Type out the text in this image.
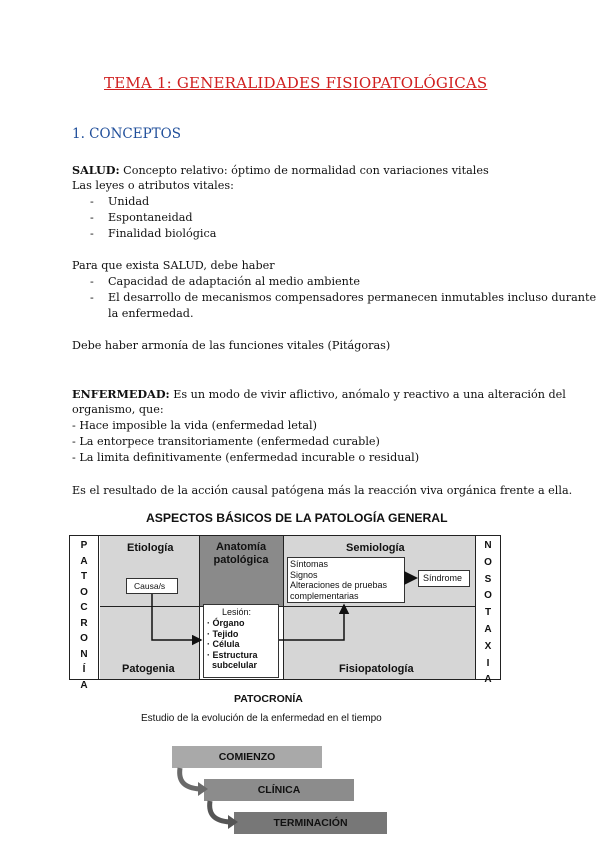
TEMA 1: GENERALIDADES FISIOPATOLÓGICAS
1. CONCEPTOS
SALUD: Concepto relativo: óptimo de normalidad con variaciones vitales
Las leyes o atributos vitales:
- Unidad
- Espontaneidad
- Finalidad biológica
Para que exista SALUD, debe haber
- Capacidad de adaptación al medio ambiente
- El desarrollo de mecanismos compensadores permanecen inmutables incluso durante
la enfermedad.
Debe haber armonía de las funciones vitales (Pitágoras)
ENFERMEDAD: Es un modo de vivir aflictivo, anómalo y reactivo a una alteración del
organismo, que:
- Hace imposible la vida (enfermedad letal)
- La entorpece transitoriamente (enfermedad curable)
- La limita definitivamente (enfermedad incurable o residual)
Es el resultado de la acción causal patógena más la reacción viva orgánica frente a ella.
ASPECTOS BÁSICOS DE LA PATOLOGÍA GENERAL
P
A
T
O
C
R
O
N
Í
A
N
O
S
O
T
A
X
I
A
Etiología	Anatomía
patológica
Semiología
Causa/s
Síntomas
Signos
Alteraciones de pruebas
complementarias
Síndrome
Lesión:
· Órgano
· Tejido
· Célula
· Estructura
subcelular
Patogenia	Fisiopatología
PATOCRONÍA
Estudio de la evolución de la enfermedad en el tiempo
COMIENZO
CLÍNICA
TERMINACIÓN
